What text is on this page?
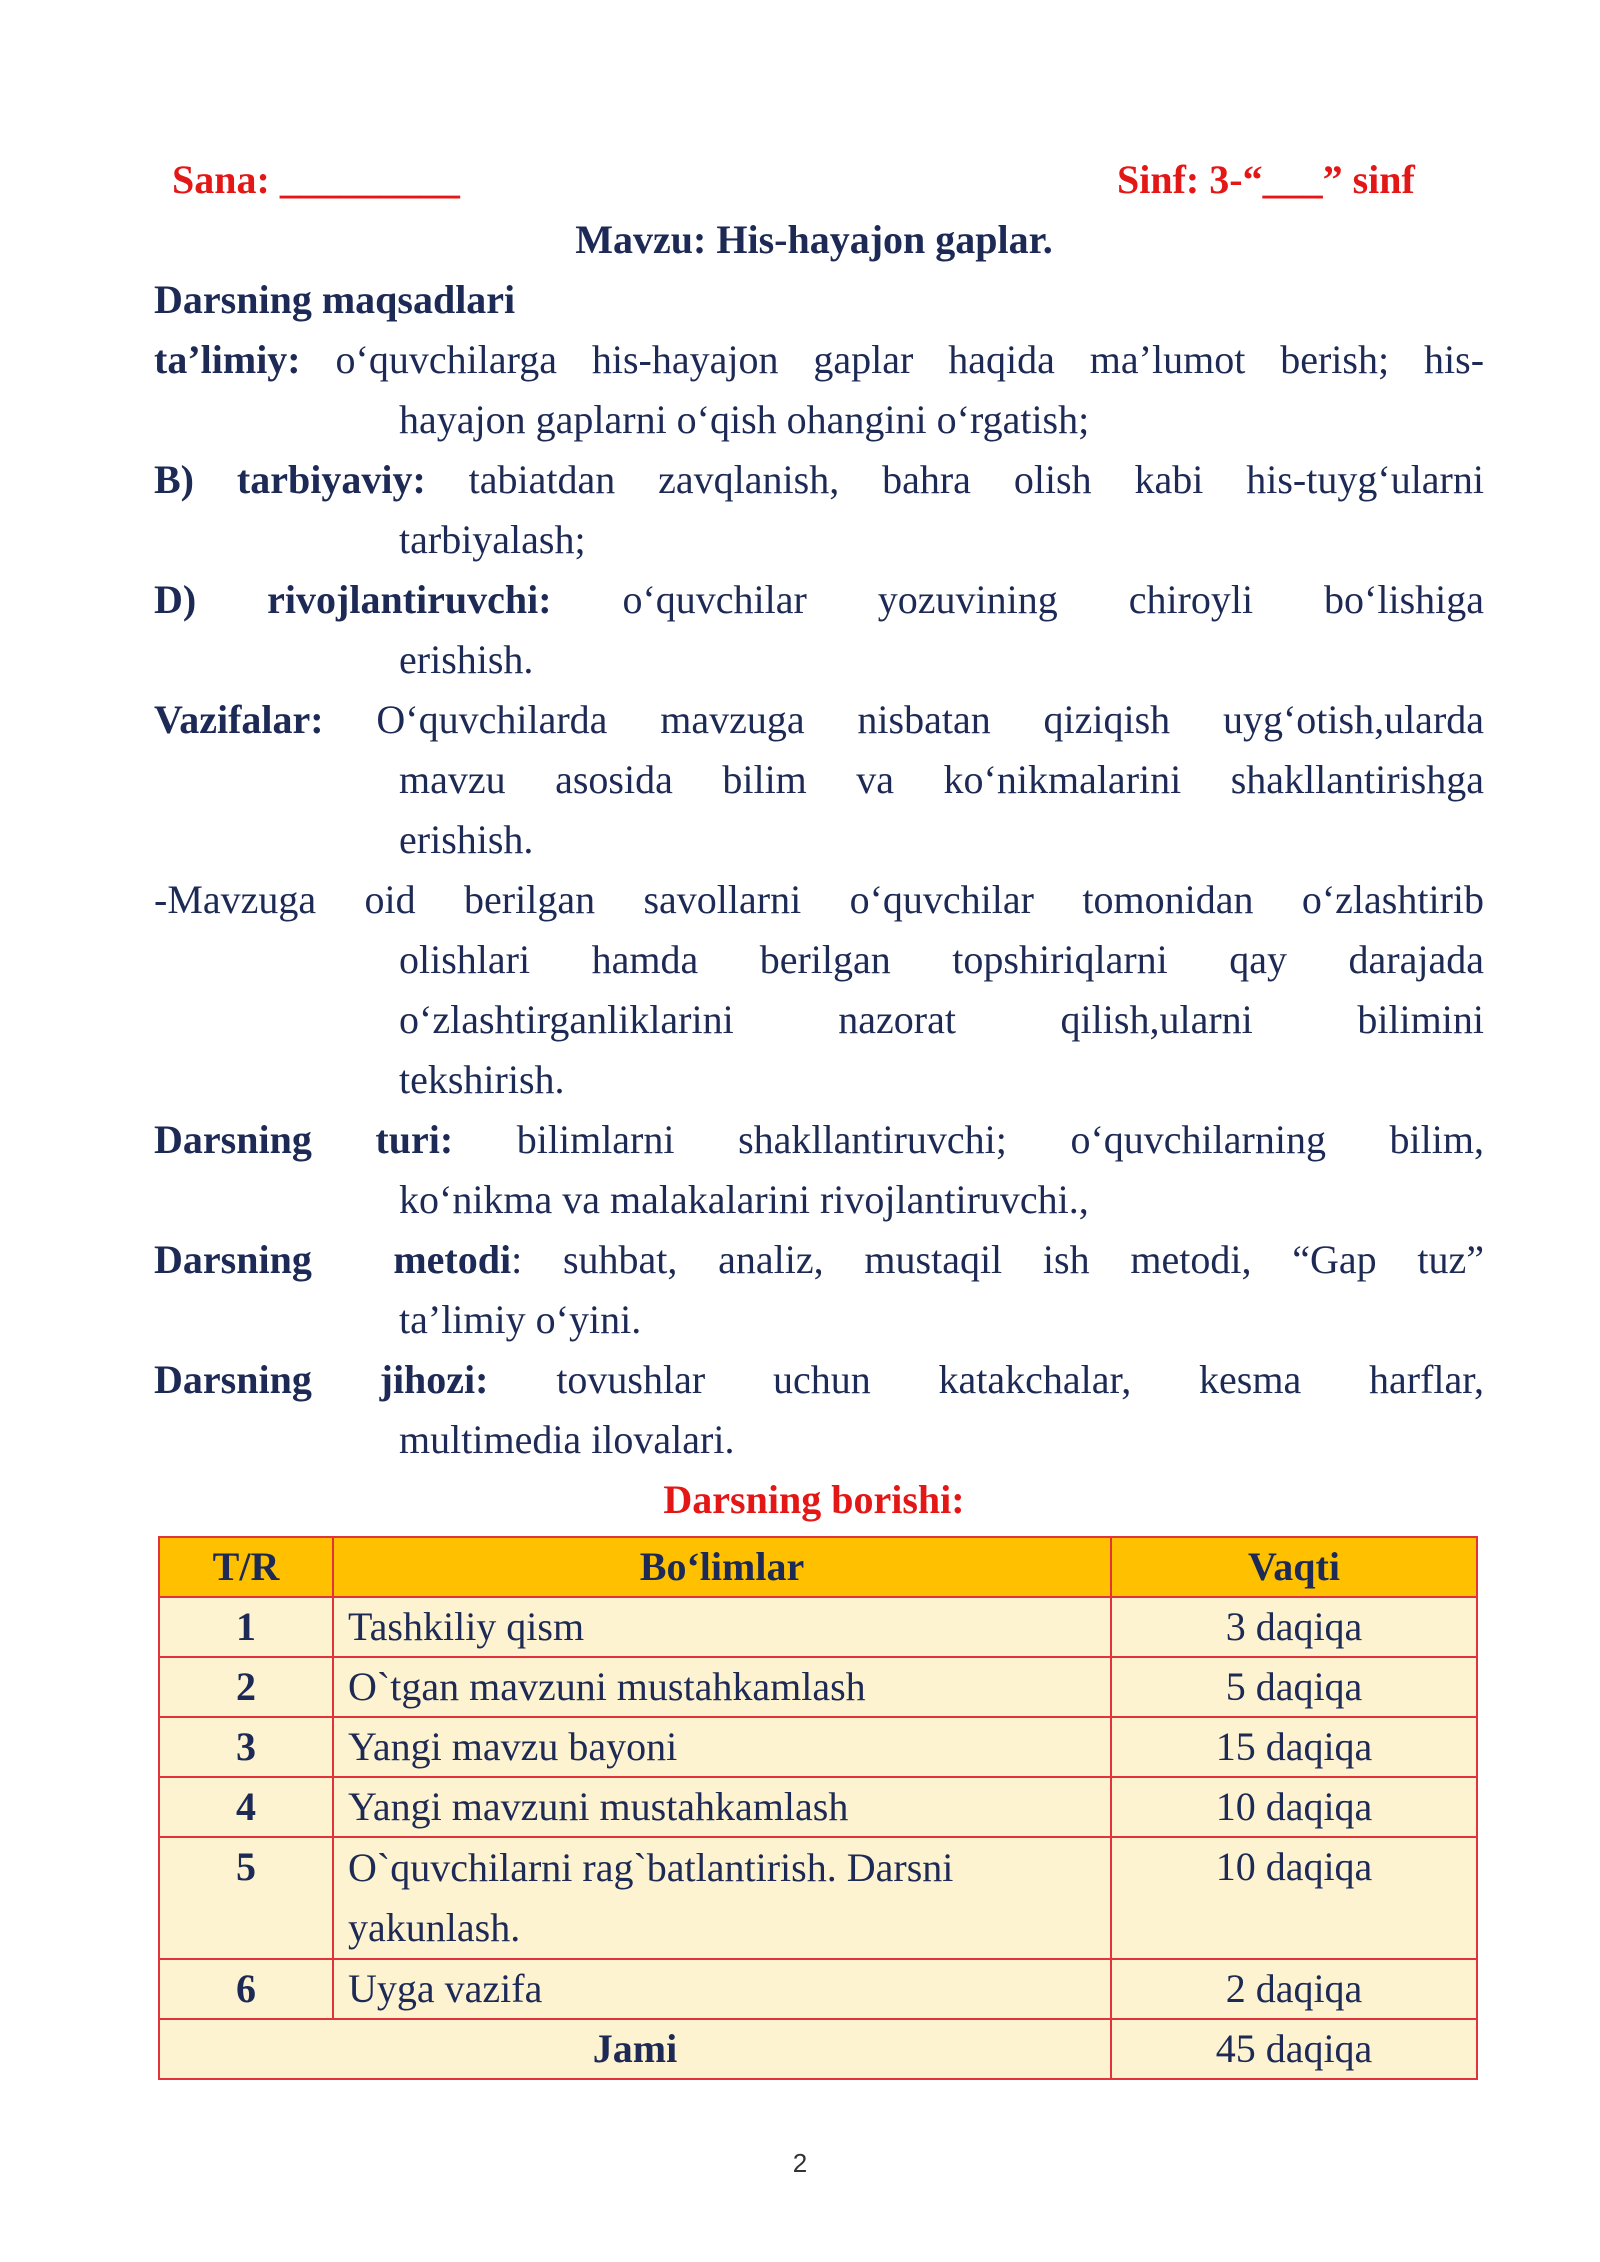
Sana: _________	Sinf: 3-“___” sinf
Mavzu: His-hayajon gaplar.
Darsning maqsadlari
ta’limiy: o‘quvchilarga his-hayajon gaplar haqida ma’lumot berish; his-
hayajon gaplarni o‘qish ohangini o‘rgatish;
B) tarbiyaviy: tabiatdan zavqlanish, bahra olish kabi his-tuyg‘ularni
tarbiyalash;
D) rivojlantiruvchi: o‘quvchilar yozuvining chiroyli bo‘lishiga
erishish.
Vazifalar: O‘quvchilarda mavzuga nisbatan qiziqish uyg‘otish,ularda
mavzu asosida bilim va ko‘nikmalarini shakllantirishga
erishish.
-Mavzuga oid berilgan savollarni o‘quvchilar tomonidan o‘zlashtirib
olishlari hamda berilgan topshiriqlarni qay darajada
o‘zlashtirganliklarini nazorat qilish,ularni bilimini
tekshirish.
Darsning turi: bilimlarni shakllantiruvchi; o‘quvchilarning bilim,
ko‘nikma va malakalarini rivojlantiruvchi.,
Darsning metodi: suhbat, analiz, mustaqil ish metodi, “Gap tuz”
ta’limiy o‘yini.
Darsning jihozi: tovushlar uchun katakchalar, kesma harflar,
multimedia ilovalari.
Darsning borishi:
T/R	Bo‘limlar	Vaqti
1	Tashkiliy qism	3 daqiqa
2	O`tgan mavzuni mustahkamlash	5 daqiqa
3	Yangi mavzu bayoni	15 daqiqa
4	Yangi mavzuni mustahkamlash	10 daqiqa
5	O`quvchilarni rag`batlantirish. Darsni
yakunlash.	10 daqiqa
6	Uyga vazifa	2 daqiqa
Jami		45 daqiqa
2
